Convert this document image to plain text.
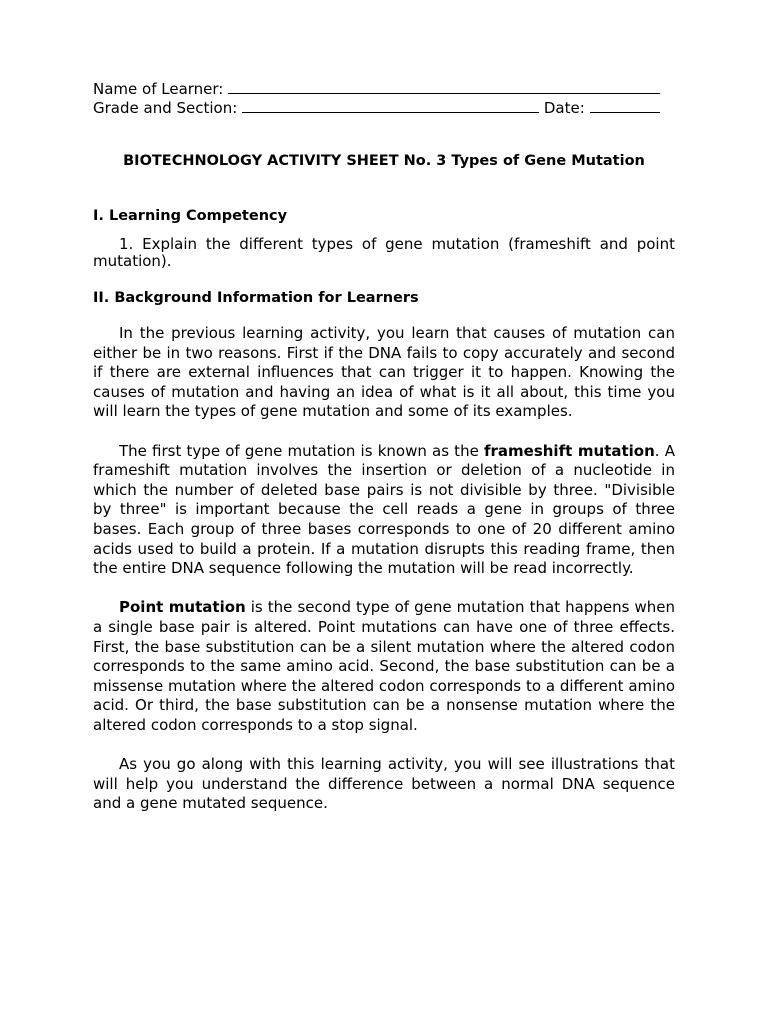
Name of Learner:
Grade and Section:	Date:
BIOTECHNOLOGY ACTIVITY SHEET No. 3 Types of Gene Mutation
I. Learning Competency

1. Explain the different types of gene mutation (frameshift and point mutation).

II. Background Information for Learners

In the previous learning activity, you learn that causes of mutation can either be in two reasons. First if the DNA fails to copy accurately and second if there are external influences that can trigger it to happen. Knowing the causes of mutation and having an idea of what is it all about, this time you will learn the types of gene mutation and some of its examples.

The first type of gene mutation is known as the frameshift mutation. A frameshift mutation involves the insertion or deletion of a nucleotide in which the number of deleted base pairs is not divisible by three. "Divisible by three" is important because the cell reads a gene in groups of three bases. Each group of three bases corresponds to one of 20 different amino acids used to build a protein. If a mutation disrupts this reading frame, then the entire DNA sequence following the mutation will be read incorrectly.

Point mutation is the second type of gene mutation that happens when a single base pair is altered. Point mutations can have one of three effects. First, the base substitution can be a silent mutation where the altered codon corresponds to the same amino acid. Second, the base substitution can be a missense mutation where the altered codon corresponds to a different amino acid. Or third, the base substitution can be a nonsense mutation where the altered codon corresponds to a stop signal.

As you go along with this learning activity, you will see illustrations that will help you understand the difference between a normal DNA sequence and a gene mutated sequence.
